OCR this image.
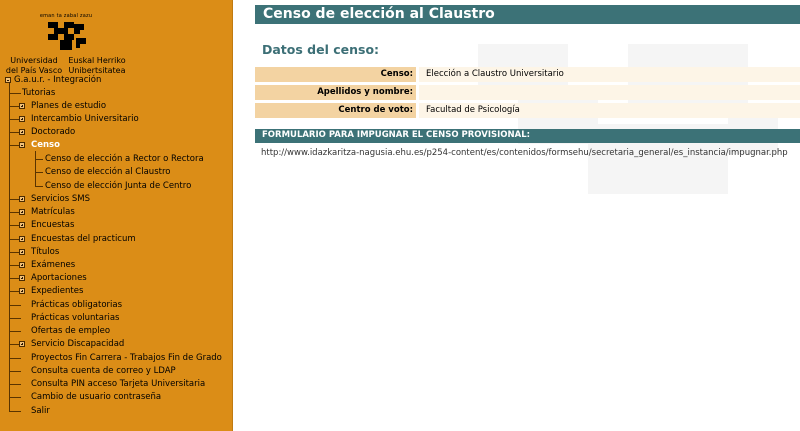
eman ta zabal zazu
Universidad del País Vasco
Euskal Herriko Unibertsitatea
G.a.u.r. - Integración
Tutorias
Planes de estudio
Intercambio Universitario
Doctorado
Censo
Censo de elección a Rector o Rectora
Censo de elección al Claustro
Censo de elección Junta de Centro
Servicios SMS
Matrículas
Encuestas
Encuestas del practicum
Títulos
Exámenes
Aportaciones
Expedientes
Prácticas obligatorias
Prácticas voluntarias
Ofertas de empleo
Servicio Discapacidad
Proyectos Fin Carrera - Trabajos Fin de Grado
Consulta cuenta de correo y LDAP
Consulta PIN acceso Tarjeta Universitaria
Cambio de usuario contraseña
Salir
Censo de elección al Claustro
Datos del censo:
Censo:	Elección a Claustro Universitario
Apellidos y nombre:
Centro de voto:	Facultad de Psicología
FORMULARIO PARA IMPUGNAR EL CENSO PROVISIONAL:
http://www.idazkaritza-nagusia.ehu.es/p254-content/es/contenidos/formsehu/secretaria_general/es_instancia/impugnar.php
